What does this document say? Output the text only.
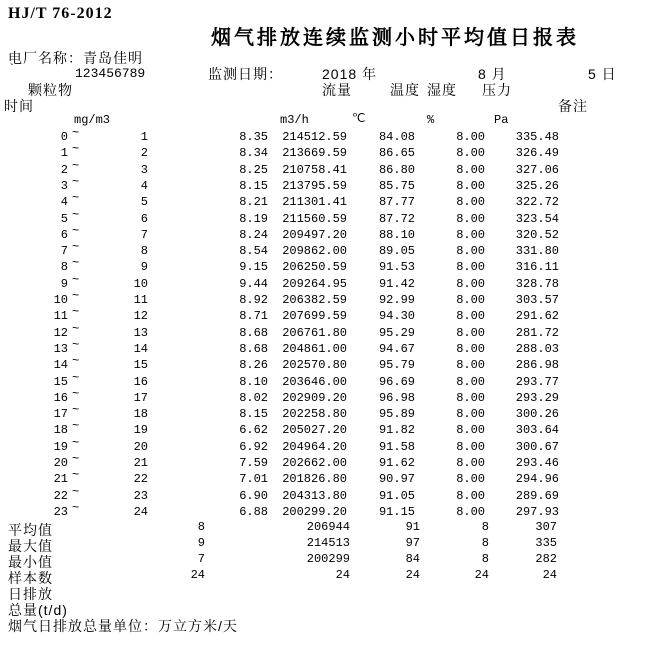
HJ/T 76-2012
烟气排放连续监测小时平均值日报表
电厂名称：青岛佳明
`	123456789	监测日期：	2018 年	8 月	5 日
颗粒物	流量	温度 湿度 压力
时间	备注
mg/m3	m3/h	℃	%	Pa
0	1	8.35	214512.59	84.08	8.00	335.48
~
1	2	8.34	213669.59	86.65	8.00	326.49
~
2	3	8.25	210758.41	86.80	8.00	327.06
~
3	4	8.15	213795.59	85.75	8.00	325.26
~
4	5	8.21	211301.41	87.77	8.00	322.72
~
5	6	8.19	211560.59	87.72	8.00	323.54
~
6	7	8.24	209497.20	88.10	8.00	320.52
~
7	8	8.54	209862.00	89.05	8.00	331.80
~
8	9	9.15	206250.59	91.53	8.00	316.11
~
9	10	9.44	209264.95	91.42	8.00	328.78
~
10	11	8.92	206382.59	92.99	8.00	303.57
~
11	12	8.71	207699.59	94.30	8.00	291.62
~
12	13	8.68	206761.80	95.29	8.00	281.72
~
13	14	8.68	204861.00	94.67	8.00	288.03
~
14	15	8.26	202570.80	95.79	8.00	286.98
~
15	16	8.10	203646.00	96.69	8.00	293.77
~
16	17	8.02	202909.20	96.98	8.00	293.29
~
17	18	8.15	202258.80	95.89	8.00	300.26
~
18	19	6.62	205027.20	91.82	8.00	303.64
~
19	20	6.92	204964.20	91.58	8.00	300.67
~
20	21	7.59	202662.00	91.62	8.00	293.46
~
21	22	7.01	201826.80	90.97	8.00	294.96
~
22	23	6.90	204313.80	91.05	8.00	289.69
~
23	24	6.88	200299.20	91.15	8.00	297.93
~
平均值	8	206944	91	8	307
最大值	9	214513	97	8	335
最小值	7	200299	84	8	282
样本数	24	24	24	24	24
日排放
总量(t/d)
烟气日排放总量单位：万立方米/天
